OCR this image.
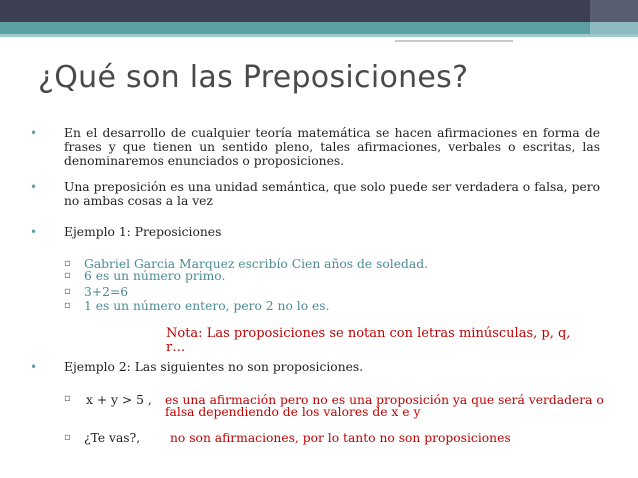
¿Qué son las Preposiciones?
• En el desarrollo de cualquier teoría matemática se hacen afirmaciones en forma de frases y que tienen un sentido pleno, tales afirmaciones, verbales o escritas, las denominaremos enunciados o proposiciones.
• Una preposición es una unidad semántica, que solo puede ser verdadera o falsa, pero no ambas cosas a la vez
• Ejemplo 1: Preposiciones
▫ Gabriel Garcia Marquez escribío Cien años de soledad.
▫ 6 es un número primo.
▫ 3+2=6
▫ 1 es un número entero, pero 2 no lo es.
Nota: Las proposiciones se notan con letras minúsculas, p, q, r…
• Ejemplo 2: Las siguientes no son proposiciones.
▫ x + y > 5 ,	es una afirmación pero no es una proposición ya que será verdadera o
falsa dependiendo de los valores de x e y
▫ ¿Te vas?,	no son afirmaciones, por lo tanto no son proposiciones
